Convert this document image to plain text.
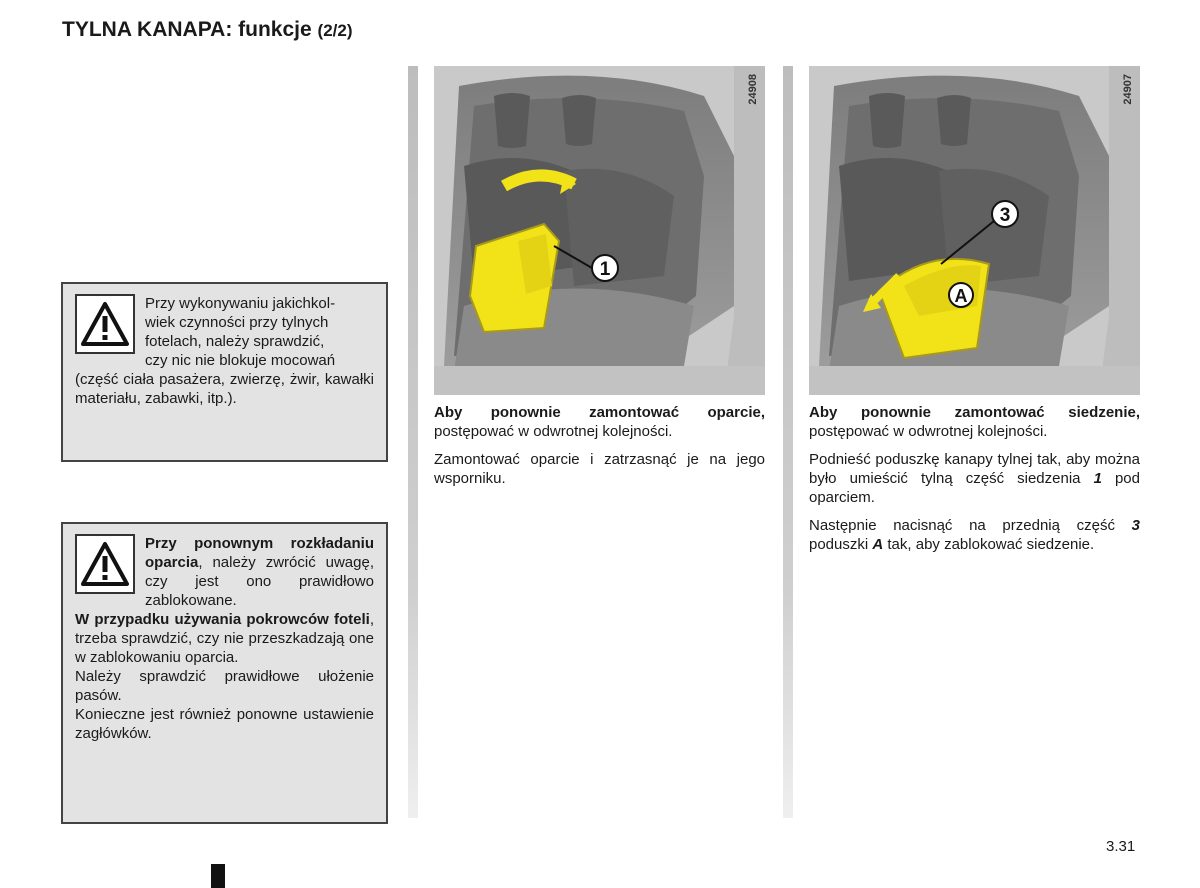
TYLNA KANAPA: funkcje (2/2)

Przy wykonywaniu jakichkol-

wiek czynności przy tylnych

fotelach, należy sprawdzić,

czy nic nie blokuje mocowań

(część ciała pasażera, zwierzę, żwir, kawałki materiału, zabawki, itp.).

Przy ponownym rozkładaniu oparcia, należy zwrócić uwagę, czy jest ono prawidłowo zablokowane.

W przypadku używania pokrowców foteli, trzeba sprawdzić, czy nie przeszkadzają one w zablokowaniu oparcia.

Należy sprawdzić prawidłowe ułożenie pasów.

Konieczne jest również ponowne ustawienie zagłówków.

1
24908
3
A
24907

Aby ponownie zamontować oparcie, postępować w odwrotnej kolejności.

Zamontować oparcie i zatrzasnąć je na jego wsporniku.

Aby ponownie zamontować siedzenie, postępować w odwrotnej kolejności.

Podnieść poduszkę kanapy tylnej tak, aby można było umieścić tylną część siedzenia 1 pod oparciem.

Następnie nacisnąć na przednią część 3 poduszki A tak, aby zablokować siedzenie.

3.31
